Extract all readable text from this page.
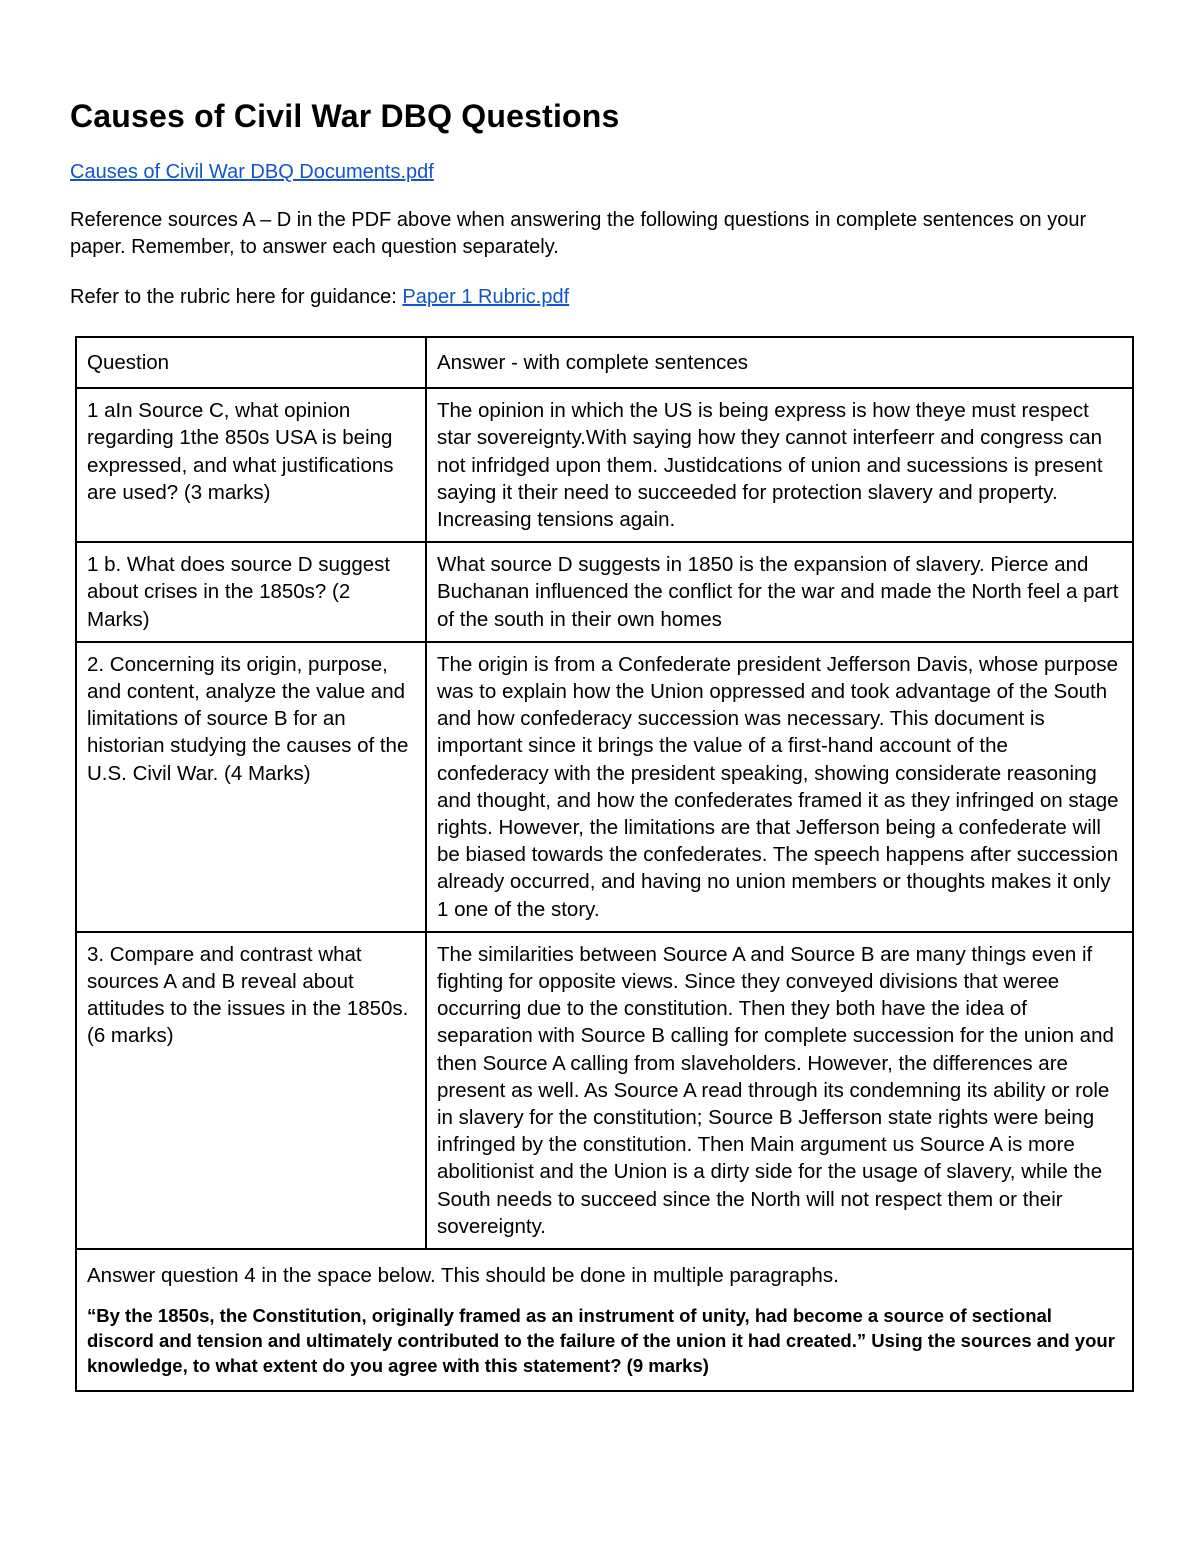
Causes of Civil War DBQ Questions
Causes of Civil War DBQ Documents.pdf
Reference sources A – D in the PDF above when answering the following questions in complete sentences on your paper. Remember, to answer each question separately.
Refer to the rubric here for guidance: Paper 1 Rubric.pdf
Question	Answer - with complete sentences
1 aIn Source C, what opinion regarding 1the 850s USA is being expressed, and what justifications are used? (3 marks)	The opinion in which the US is being express is how theye must respect star sovereignty.With saying how they cannot interfeerr and congress can not infridged upon them. Justidcations of union and sucessions is present saying it their need to succeeded for protection slavery and property. Increasing tensions again.
1 b. What does source D suggest about crises in the 1850s? (2 Marks)	What source D suggests in 1850 is the expansion of slavery. Pierce and Buchanan influenced the conflict for the war and made the North feel a part of the south in their own homes
2. Concerning its origin, purpose, and content, analyze the value and limitations of source B for an historian studying the causes of the U.S. Civil War. (4 Marks)	The origin is from a Confederate president Jefferson Davis, whose purpose was to explain how the Union oppressed and took advantage of the South and how confederacy succession was necessary. This document is important since it brings the value of a first-hand account of the confederacy with the president speaking, showing considerate reasoning and thought, and how the confederates framed it as they infringed on stage rights. However, the limitations are that Jefferson being a confederate will be biased towards the confederates. The speech happens after succession already occurred, and having no union members or thoughts makes it only 1 one of the story.
3. Compare and contrast what sources A and B reveal about attitudes to the issues in the 1850s. (6 marks)	The similarities between Source A and Source B are many things even if fighting for opposite views. Since they conveyed divisions that weree occurring due to the constitution. Then they both have the idea of separation with Source B calling for complete succession for the union and then Source A calling from slaveholders. However, the differences are present as well. As Source A read through its condemning its ability or role in slavery for the constitution; Source B Jefferson state rights were being infringed by the constitution. Then Main argument us Source A is more abolitionist and the Union is a dirty side for the usage of slavery, while the South needs to succeed since the North will not respect them or their sovereignty.

Answer question 4 in the space below. This should be done in multiple paragraphs.
“By the 1850s, the Constitution, originally framed as an instrument of unity, had become a source of sectional discord and tension and ultimately contributed to the failure of the union it had created.” Using the sources and your knowledge, to what extent do you agree with this statement? (9 marks)	
